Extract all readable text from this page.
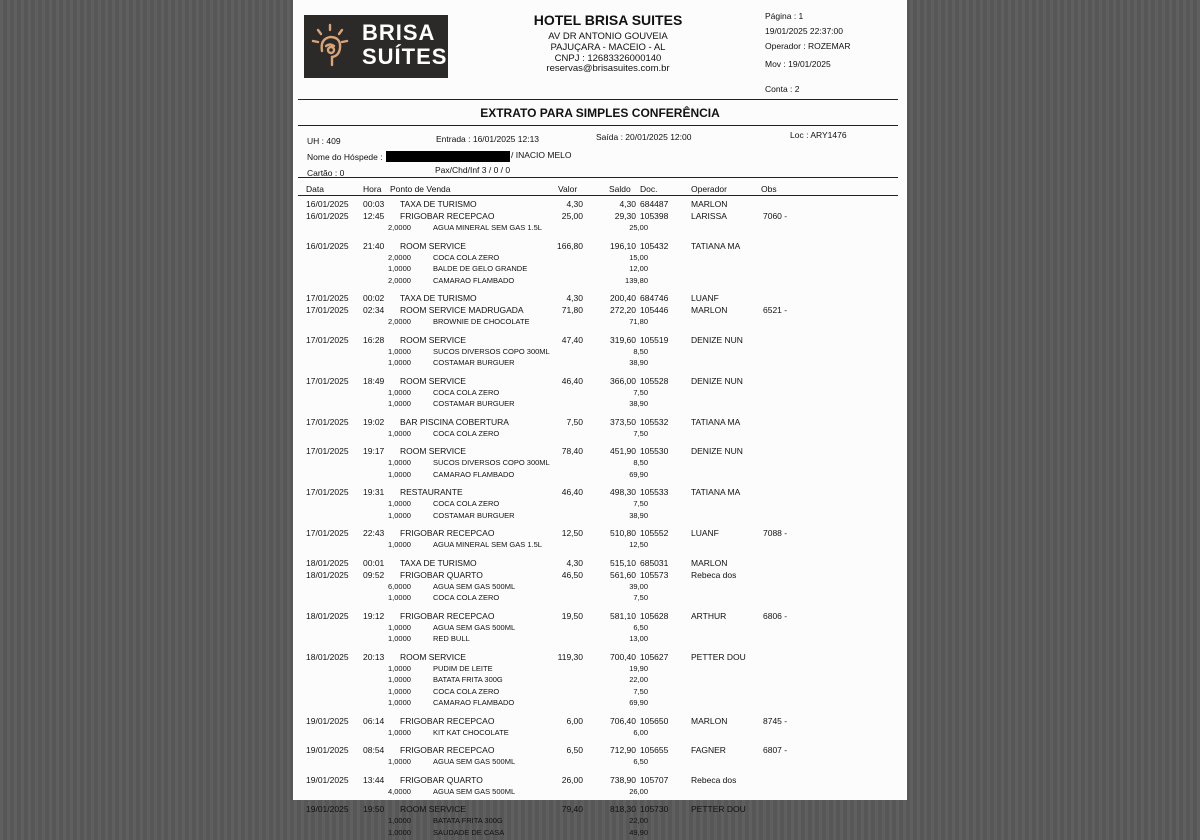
BRISA
SUÍTES
HOTEL BRISA SUITES
AV DR ANTONIO GOUVEIA
PAJUÇARA - MACEIO - AL
CNPJ : 12683326000140
reservas@brisasuites.com.br
Página : 1
19/01/2025 22:37:00
Operador : ROZEMAR
Mov : 19/01/2025
Conta : 2
EXTRATO PARA SIMPLES CONFERÊNCIA
UH : 409	Entrada : 16/01/2025 12:13	Saída : 20/01/2025 12:00	Loc : ARY1476
Nome do Hóspede :	/ INACIO MELO
Cartão : 0	Pax/Chd/Inf 3 / 0 / 0
Data	Hora Ponto de Venda	Valor	Saldo Doc.	Operador	Obs
16/01/2025 00:03 TAXA DE TURISMO	4,30	4,30 684487	MARLON
16/01/2025 12:45 FRIGOBAR RECEPCAO	25,00	29,30 105398	LARISSA	7060 -
2,0000	AGUA MINERAL SEM GAS 1.5L	25,00
16/01/2025 21:40 ROOM SERVICE	166,80	196,10 105432	TATIANA MA
2,0000	COCA COLA ZERO	15,00
1,0000	BALDE DE GELO GRANDE	12,00
2,0000	CAMARAO FLAMBADO	139,80
17/01/2025 00:02 TAXA DE TURISMO	4,30	200,40 684746	LUANF
17/01/2025 02:34 ROOM SERVICE MADRUGADA	71,80	272,20 105446	MARLON	6521 -
2,0000	BROWNIE DE CHOCOLATE	71,80
17/01/2025 16:28 ROOM SERVICE	47,40	319,60 105519	DENIZE NUN
1,0000	SUCOS DIVERSOS COPO 300ML	8,50
1,0000	COSTAMAR BURGUER	38,90
17/01/2025 18:49 ROOM SERVICE	46,40	366,00 105528	DENIZE NUN
1,0000	COCA COLA ZERO	7,50
1,0000	COSTAMAR BURGUER	38,90
17/01/2025 19:02 BAR PISCINA COBERTURA	7,50	373,50 105532	TATIANA MA
1,0000	COCA COLA ZERO	7,50
17/01/2025 19:17 ROOM SERVICE	78,40	451,90 105530	DENIZE NUN
1,0000	SUCOS DIVERSOS COPO 300ML	8,50
1,0000	CAMARAO FLAMBADO	69,90
17/01/2025 19:31 RESTAURANTE	46,40	498,30 105533	TATIANA MA
1,0000	COCA COLA ZERO	7,50
1,0000	COSTAMAR BURGUER	38,90
17/01/2025 22:43 FRIGOBAR RECEPCAO	12,50	510,80 105552	LUANF	7088 -
1,0000	AGUA MINERAL SEM GAS 1.5L	12,50
18/01/2025 00:01 TAXA DE TURISMO	4,30	515,10 685031	MARLON
18/01/2025 09:52 FRIGOBAR QUARTO	46,50	561,60 105573	Rebeca dos
6,0000	AGUA SEM GAS 500ML	39,00
1,0000	COCA COLA ZERO	7,50
18/01/2025 19:12 FRIGOBAR RECEPCAO	19,50	581,10 105628	ARTHUR	6806 -
1,0000	AGUA SEM GAS 500ML	6,50
1,0000	RED BULL	13,00
18/01/2025 20:13 ROOM SERVICE	119,30	700,40 105627	PETTER DOU
1,0000	PUDIM DE LEITE	19,90
1,0000	BATATA FRITA 300G	22,00
1,0000	COCA COLA ZERO	7,50
1,0000	CAMARAO FLAMBADO	69,90
19/01/2025 06:14 FRIGOBAR RECEPCAO	6,00	706,40 105650	MARLON	8745 -
1,0000	KIT KAT CHOCOLATE	6,00
19/01/2025 08:54 FRIGOBAR RECEPCAO	6,50	712,90 105655	FAGNER	6807 -
1,0000	AGUA SEM GAS 500ML	6,50
19/01/2025 13:44 FRIGOBAR QUARTO	26,00	738,90 105707	Rebeca dos
4,0000	AGUA SEM GAS 500ML	26,00
19/01/2025 19:50 ROOM SERVICE	79,40	818,30 105730	PETTER DOU
1,0000	BATATA FRITA 300G	22,00
1,0000	SAUDADE DE CASA	49,90
